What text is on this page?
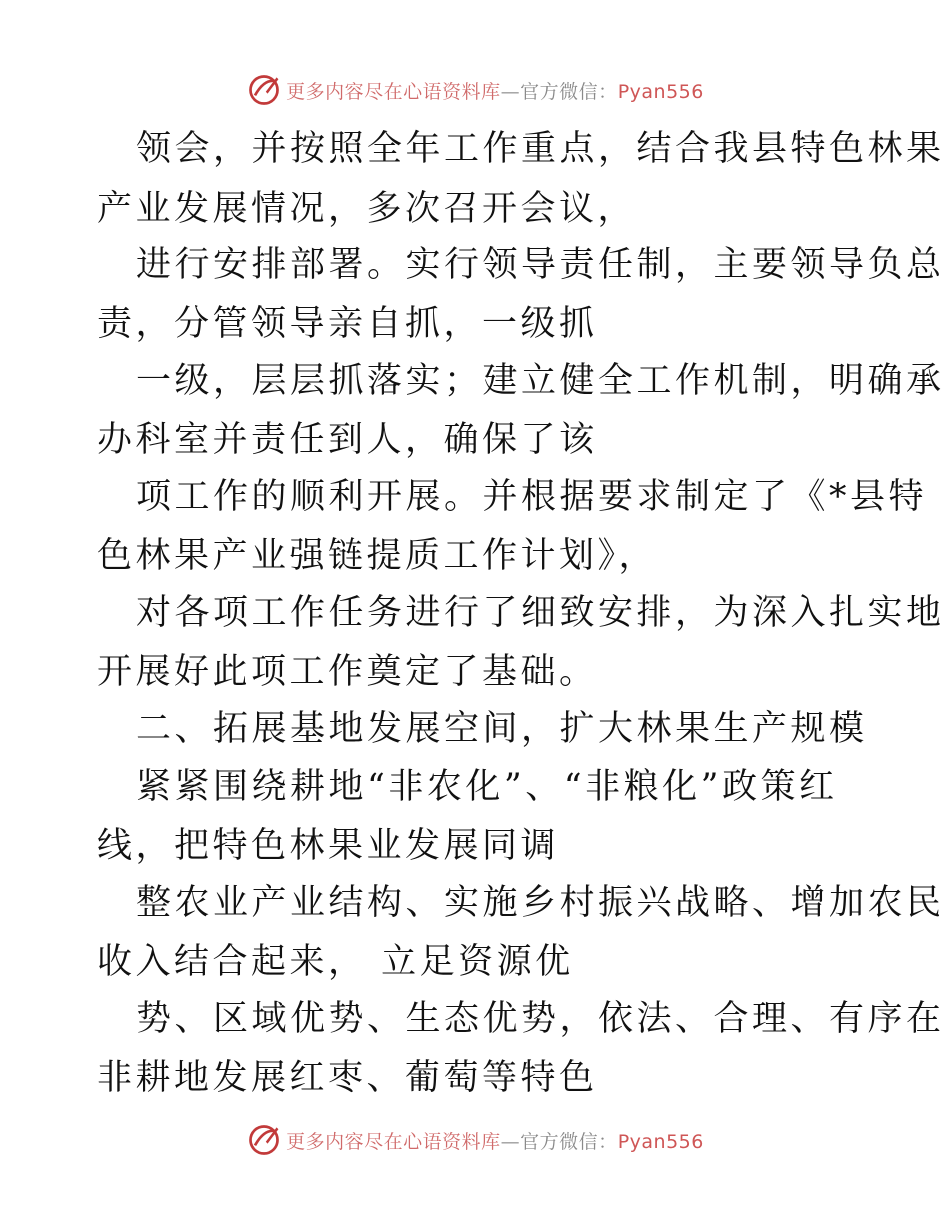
更多内容尽在心语资料库—官方微信：Pyan556
领会，并按照全年工作重点，结合我县特色林果
产业发展情况，多次召开会议，
进行安排部署。实行领导责任制，主要领导负总
责，分管领导亲自抓，一级抓
一级，层层抓落实；建立健全工作机制，明确承
办科室并责任到人，确保了该
项工作的顺利开展。并根据要求制定了《*县特
色林果产业强链提质工作计划》，
对各项工作任务进行了细致安排，为深入扎实地
开展好此项工作奠定了基础。
二、拓展基地发展空间，扩大林果生产规模
紧紧围绕耕地“非农化”、“非粮化”政策红
线，把特色林果业发展同调
整农业产业结构、实施乡村振兴战略、增加农民
收入结合起来， 立足资源优
势、区域优势、生态优势，依法、合理、有序在
非耕地发展红枣、葡萄等特色
更多内容尽在心语资料库—官方微信：Pyan556
